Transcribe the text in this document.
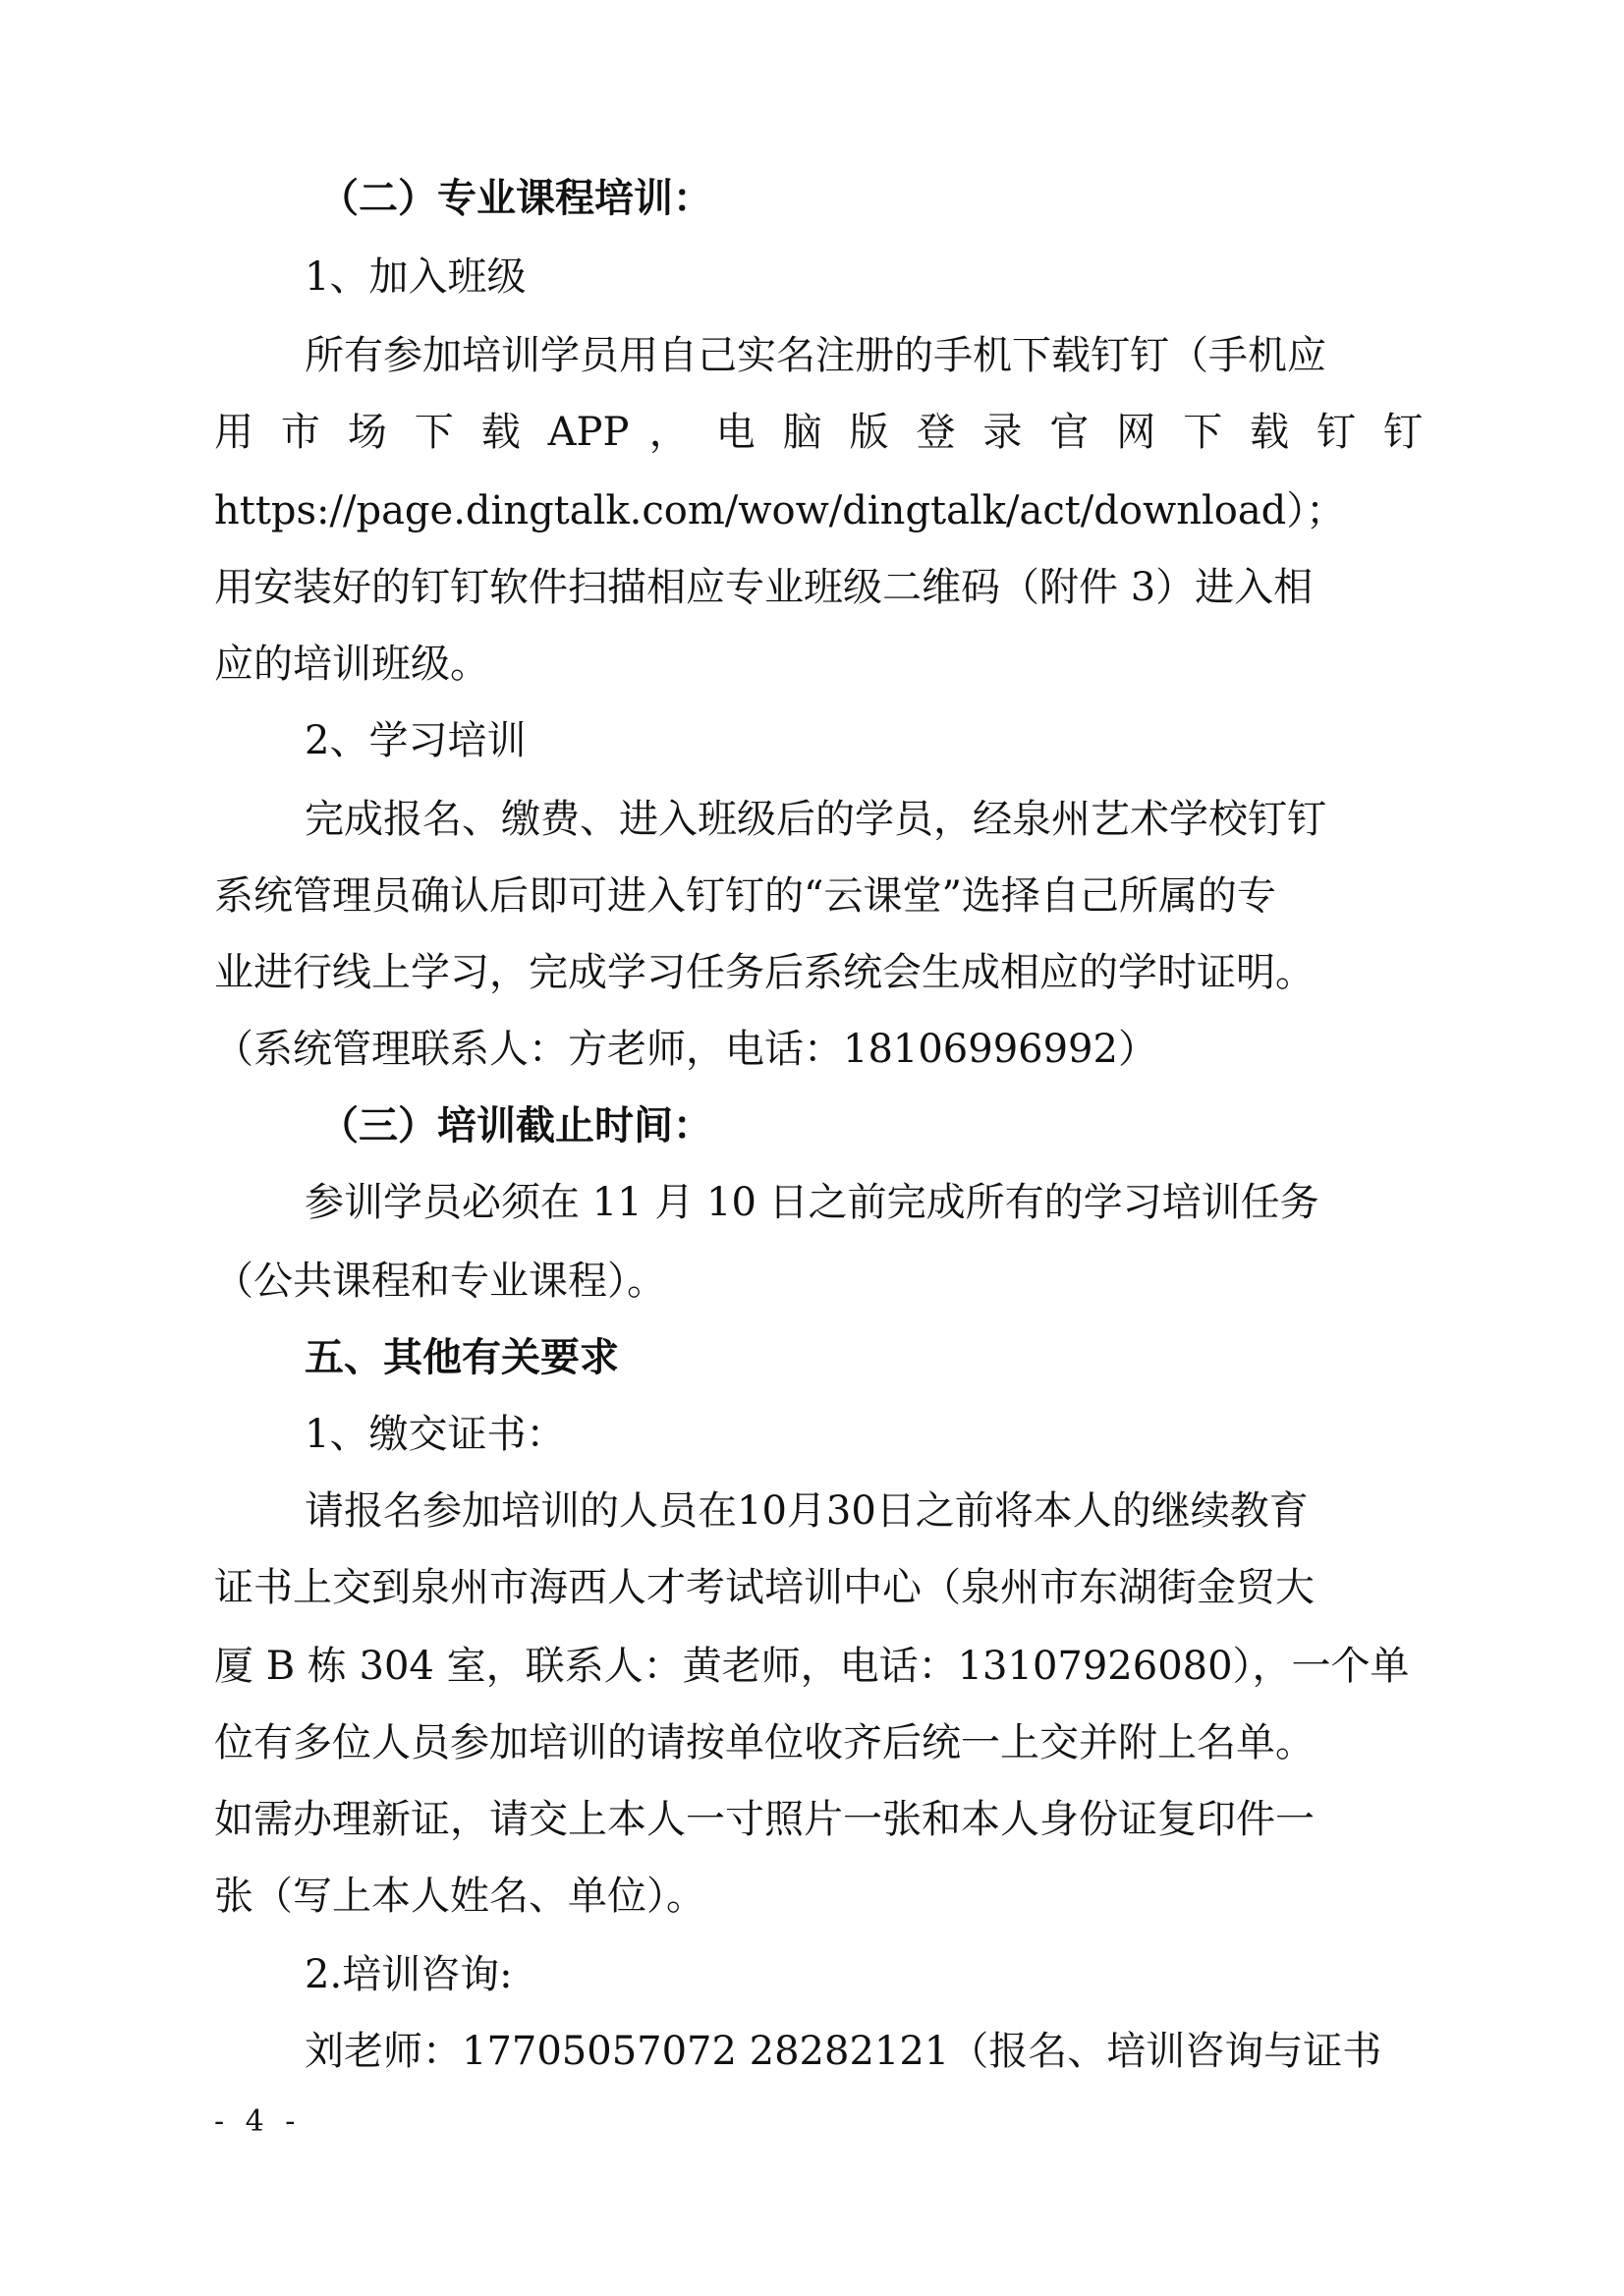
（二）专业课程培训：
1、加入班级
所有参加培训学员用自己实名注册的手机下载钉钉（手机应
用 市 场 下 载 APP ， 电 脑 版 登 录 官 网 下 载 钉 钉
https://page.dingtalk.com/wow/dingtalk/act/download）；
用安装好的钉钉软件扫描相应专业班级二维码（附件 3）进入相
应的培训班级。
2、学习培训
完成报名、缴费、进入班级后的学员，经泉州艺术学校钉钉
系统管理员确认后即可进入钉钉的“云课堂”选择自己所属的专
业进行线上学习，完成学习任务后系统会生成相应的学时证明。
（系统管理联系人：方老师，电话：18106996992）
（三）培训截止时间：
参训学员必须在 11 月 10 日之前完成所有的学习培训任务
（公共课程和专业课程）。
五、其他有关要求
1、缴交证书：
请报名参加培训的人员在10月30日之前将本人的继续教育
证书上交到泉州市海西人才考试培训中心（泉州市东湖街金贸大
厦 B 栋 304 室，联系人：黄老师，电话：13107926080），一个单
位有多位人员参加培训的请按单位收齐后统一上交并附上名单。
如需办理新证，请交上本人一寸照片一张和本人身份证复印件一
张（写上本人姓名、单位）。
2.培训咨询:
刘老师：17705057072 28282121（报名、培训咨询与证书
- 4 -
